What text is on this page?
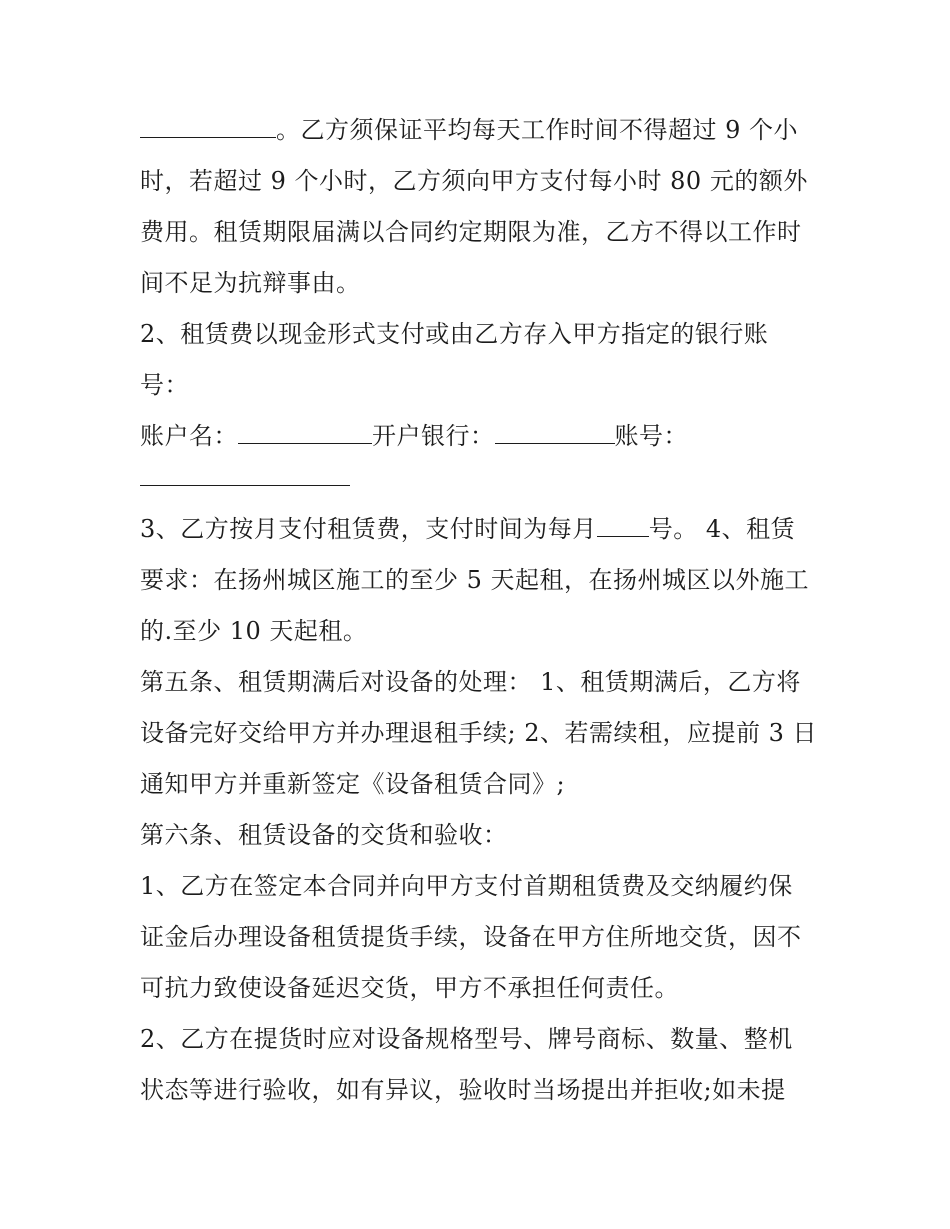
。乙方须保证平均每天工作时间不得超过 9 个小
时，若超过 9 个小时，乙方须向甲方支付每小时 80 元的额外
费用。租赁期限届满以合同约定期限为准，乙方不得以工作时
间不足为抗辩事由。
2、租赁费以现金形式支付或由乙方存入甲方指定的银行账
号：
账户名：	开户银行：	账号：
3、乙方按月支付租赁费，支付时间为每月 号。 4、租赁
要求：在扬州城区施工的至少 5 天起租，在扬州城区以外施工
的.至少 10 天起租。
第五条、租赁期满后对设备的处理： 1、租赁期满后，乙方将
设备完好交给甲方并办理退租手续; 2、若需续租，应提前 3 日
通知甲方并重新签定《设备租赁合同》;
第六条、租赁设备的交货和验收：
1、乙方在签定本合同并向甲方支付首期租赁费及交纳履约保
证金后办理设备租赁提货手续，设备在甲方住所地交货，因不
可抗力致使设备延迟交货，甲方不承担任何责任。
2、乙方在提货时应对设备规格型号、牌号商标、数量、整机
状态等进行验收，如有异议，验收时当场提出并拒收;如未提
